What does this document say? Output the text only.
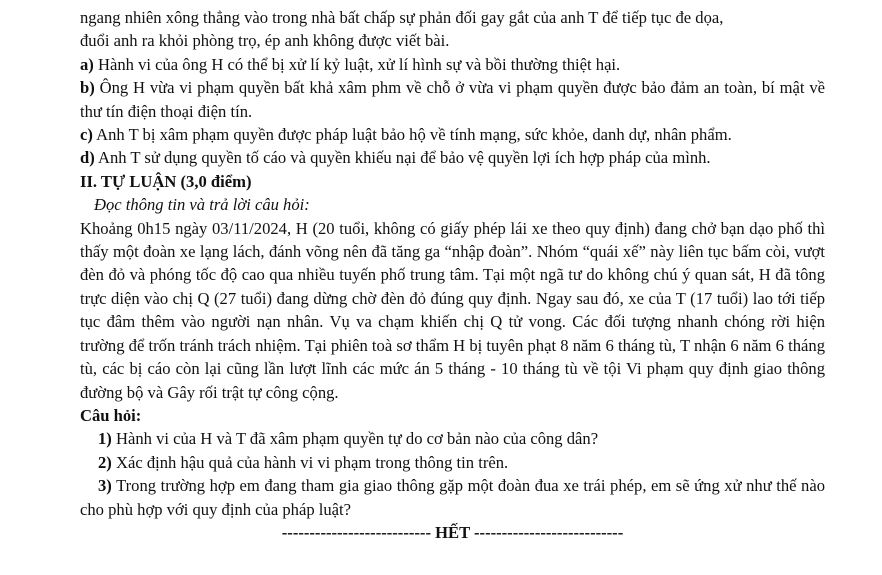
ngang nhiên xông thẳng vào trong nhà bất chấp sự phản đối gay gắt của anh T để tiếp tục đe dọa,

đuổi anh ra khỏi phòng trọ, ép anh không được viết bài.

a) Hành vi của ông H có thể bị xử lí kỷ luật, xử lí hình sự và bồi thường thiệt hại.

b) Ông H vừa vi phạm quyền bất khả xâm phm về chỗ ở vừa vi phạm quyền được bảo đảm an toàn, bí mật về thư tín điện thoại điện tín.

c) Anh T bị xâm phạm quyền được pháp luật bảo hộ về tính mạng, sức khỏe, danh dự, nhân phẩm.

d) Anh T sử dụng quyền tố cáo và quyền khiếu nại để bảo vệ quyền lợi ích hợp pháp của mình.

II. TỰ LUẬN (3,0 điểm)

Đọc thông tin và trả lời câu hỏi:

Khoảng 0h15 ngày 03/11/2024, H (20 tuổi, không có giấy phép lái xe theo quy định) đang chở bạn dạo phố thì thấy một đoàn xe lạng lách, đánh võng nên đã tăng ga “nhập đoàn”. Nhóm “quái xế” này liên tục bấm còi, vượt đèn đỏ và phóng tốc độ cao qua nhiều tuyến phố trung tâm. Tại một ngã tư do không chú ý quan sát, H đã tông trực diện vào chị Q (27 tuổi) đang dừng chờ đèn đỏ đúng quy định. Ngay sau đó, xe của T (17 tuổi) lao tới tiếp tục đâm thêm vào người nạn nhân. Vụ va chạm khiến chị Q tử vong. Các đối tượng nhanh chóng rời hiện trường để trốn tránh trách nhiệm. Tại phiên toà sơ thẩm H bị tuyên phạt 8 năm 6 tháng tù, T nhận 6 năm 6 tháng tù, các bị cáo còn lại cũng lần lượt lĩnh các mức án 5 tháng - 10 tháng tù về tội Vi phạm quy định giao thông đường bộ và Gây rối trật tự công cộng.

Câu hỏi:

1) Hành vi của H và T đã xâm phạm quyền tự do cơ bản nào của công dân?

2) Xác định hậu quả của hành vi vi phạm trong thông tin trên.

3) Trong trường hợp em đang tham gia giao thông gặp một đoàn đua xe trái phép, em sẽ ứng xử như thế nào cho phù hợp với quy định của pháp luật?

--------------------------- HẾT ---------------------------
